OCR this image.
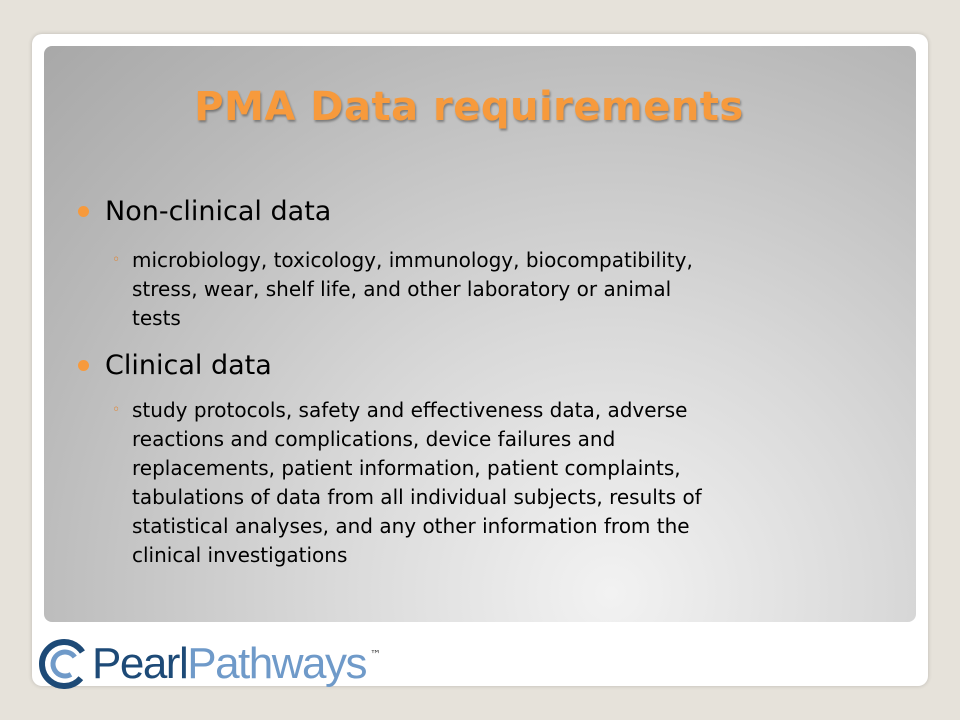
PMA Data requirements
Non-clinical data
◦ microbiology, toxicology, immunology, biocompatibility,
stress, wear, shelf life, and other laboratory or animal
tests
Clinical data
◦ study protocols, safety and effectiveness data, adverse
reactions and complications, device failures and
replacements, patient information, patient complaints,
tabulations of data from all individual subjects, results of
statistical analyses, and any other information from the
clinical investigations
PearlPathways ™
